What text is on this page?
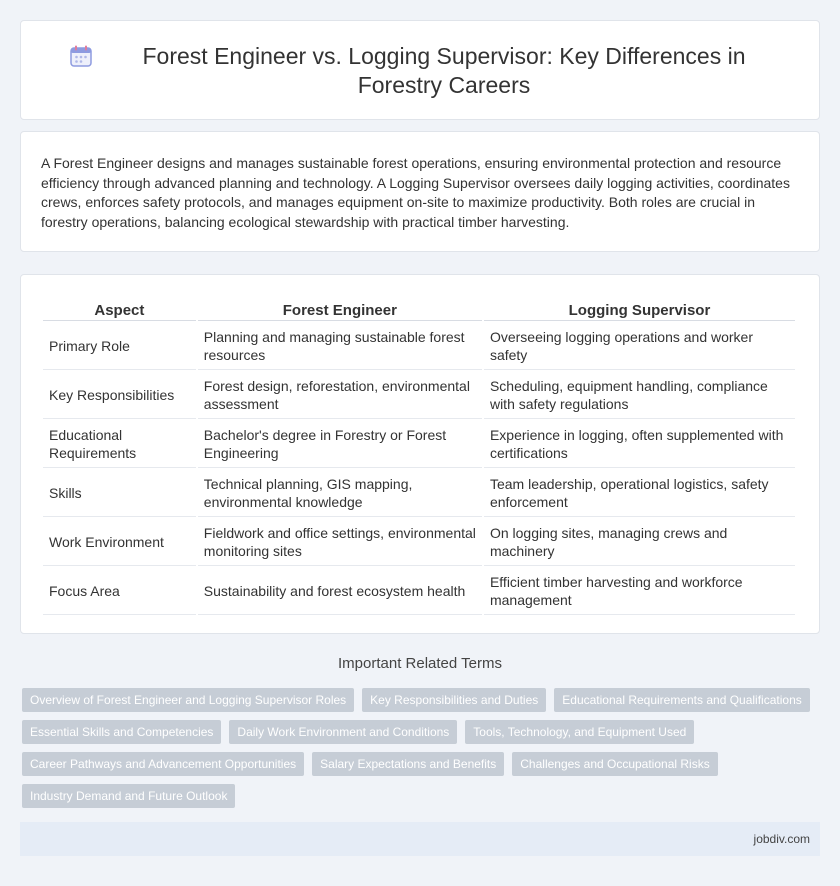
Forest Engineer vs. Logging Supervisor: Key Differences in Forestry Careers

A Forest Engineer designs and manages sustainable forest operations, ensuring environmental protection and resource efficiency through advanced planning and technology. A Logging Supervisor oversees daily logging activities, coordinates crews, enforces safety protocols, and manages equipment on-site to maximize productivity. Both roles are crucial in forestry operations, balancing ecological stewardship with practical timber harvesting.

Aspect	Forest Engineer	Logging Supervisor
Primary Role	Planning and managing sustainable forest resources	Overseeing logging operations and worker safety
Key Responsibilities	Forest design, reforestation, environmental assessment	Scheduling, equipment handling, compliance with safety regulations
Educational Requirements	Bachelor's degree in Forestry or Forest Engineering	Experience in logging, often supplemented with certifications
Skills	Technical planning, GIS mapping, environmental knowledge	Team leadership, operational logistics, safety enforcement
Work Environment	Fieldwork and office settings, environmental monitoring sites	On logging sites, managing crews and machinery
Focus Area	Sustainability and forest ecosystem health	Efficient timber harvesting and workforce management
Important Related Terms
Overview of Forest Engineer and Logging Supervisor Roles	Key Responsibilities and Duties	Educational Requirements and Qualifications
Essential Skills and Competencies	Daily Work Environment and Conditions	Tools, Technology, and Equipment Used
Career Pathways and Advancement Opportunities	Salary Expectations and Benefits	Challenges and Occupational Risks
Industry Demand and Future Outlook
jobdiv.com
